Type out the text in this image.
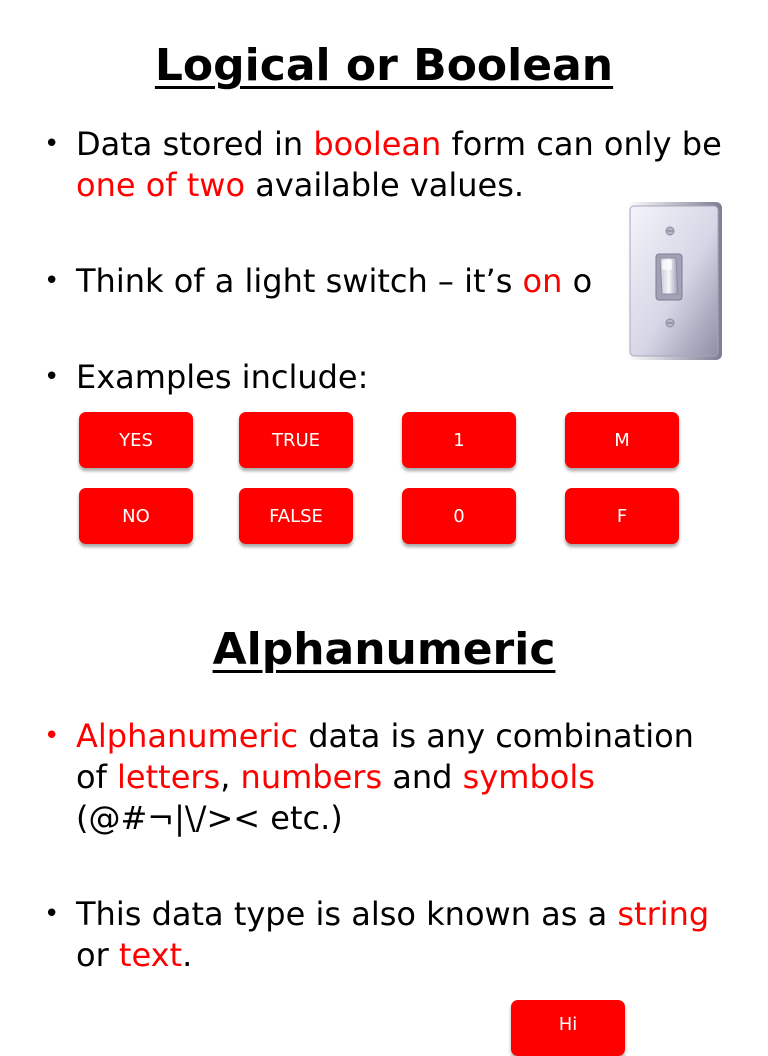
Logical or Boolean
• Data stored in boolean form can only be one of two available values.
• Think of a light switch – it’s on o
• Examples include:
YES	TRUE	1	M
NO	FALSE	0	F
Alphanumeric
• Alphanumeric data is any combination of letters, numbers and symbols (@#¬|\/>< etc.)
• This data type is also known as a string or text.
Hi
